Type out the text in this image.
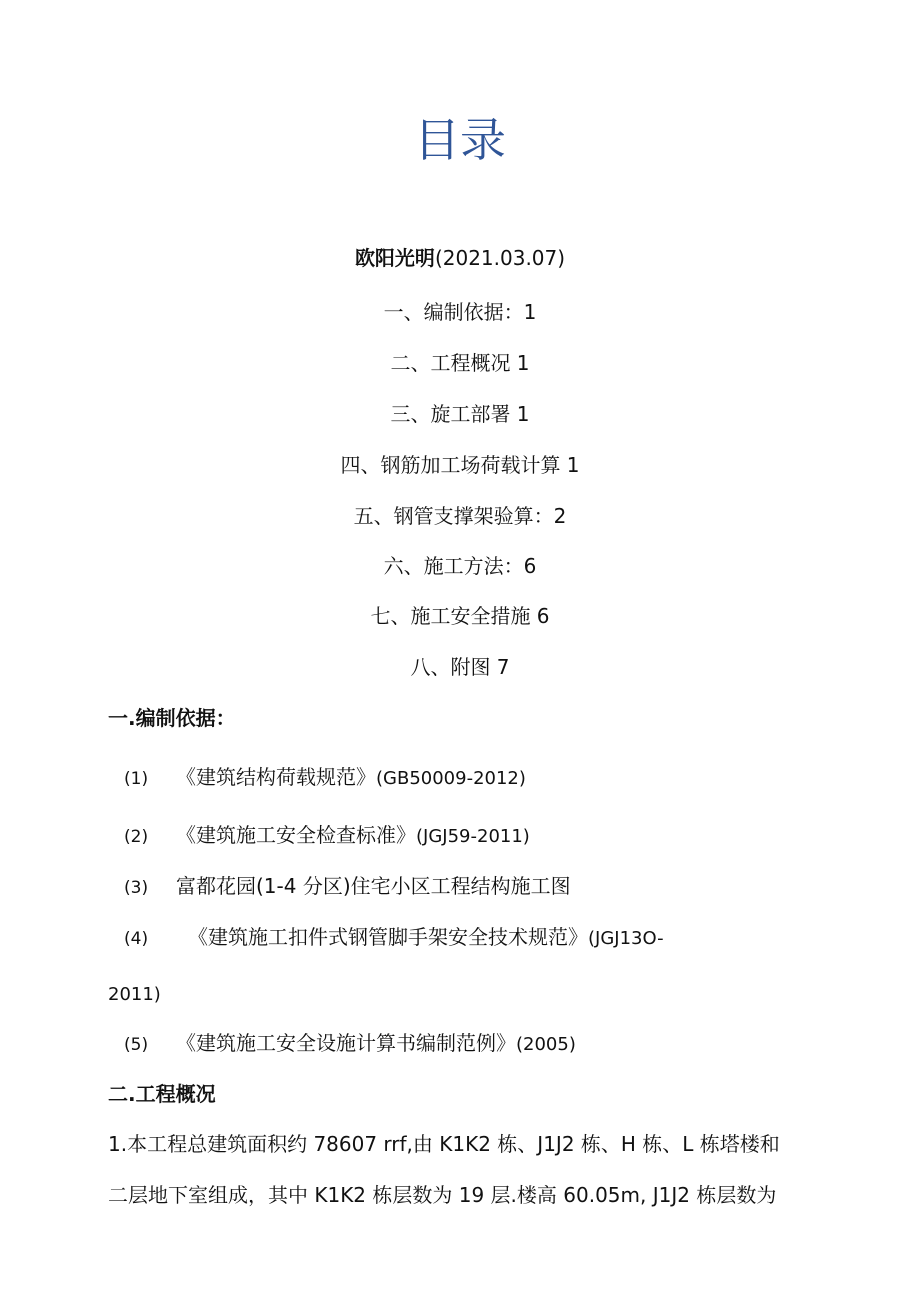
目录
欧阳光明(2021.03.07)
一、编制依据：1
二、工程概况 1
三、旋工部署 1
四、钢筋加工场荷载计算 1
五、钢管支撑架验算：2
六、施工方法：6
七、施工安全措施 6
八、附图 7
一.编制依据：
(1) 《建筑结构荷载规范》(GB50009-2012)
(2) 《建筑施工安全检查标准》(JGJ59-2011)
(3) 富都花园(1-4 分区)住宅小区工程结构施工图
(4) 《建筑施工扣件式钢管脚手架安全技术规范》(JGJ13O-
2011)
(5) 《建筑施工安全设施计算书编制范例》(2005)
二.工程概况
1.本工程总建筑面积约 78607 rrf,由 K1K2 栋、J1J2 栋、H 栋、L 栋塔楼和
二层地下室组成，其中 K1K2 栋层数为 19 层.楼高 60.05m, J1J2 栋层数为
